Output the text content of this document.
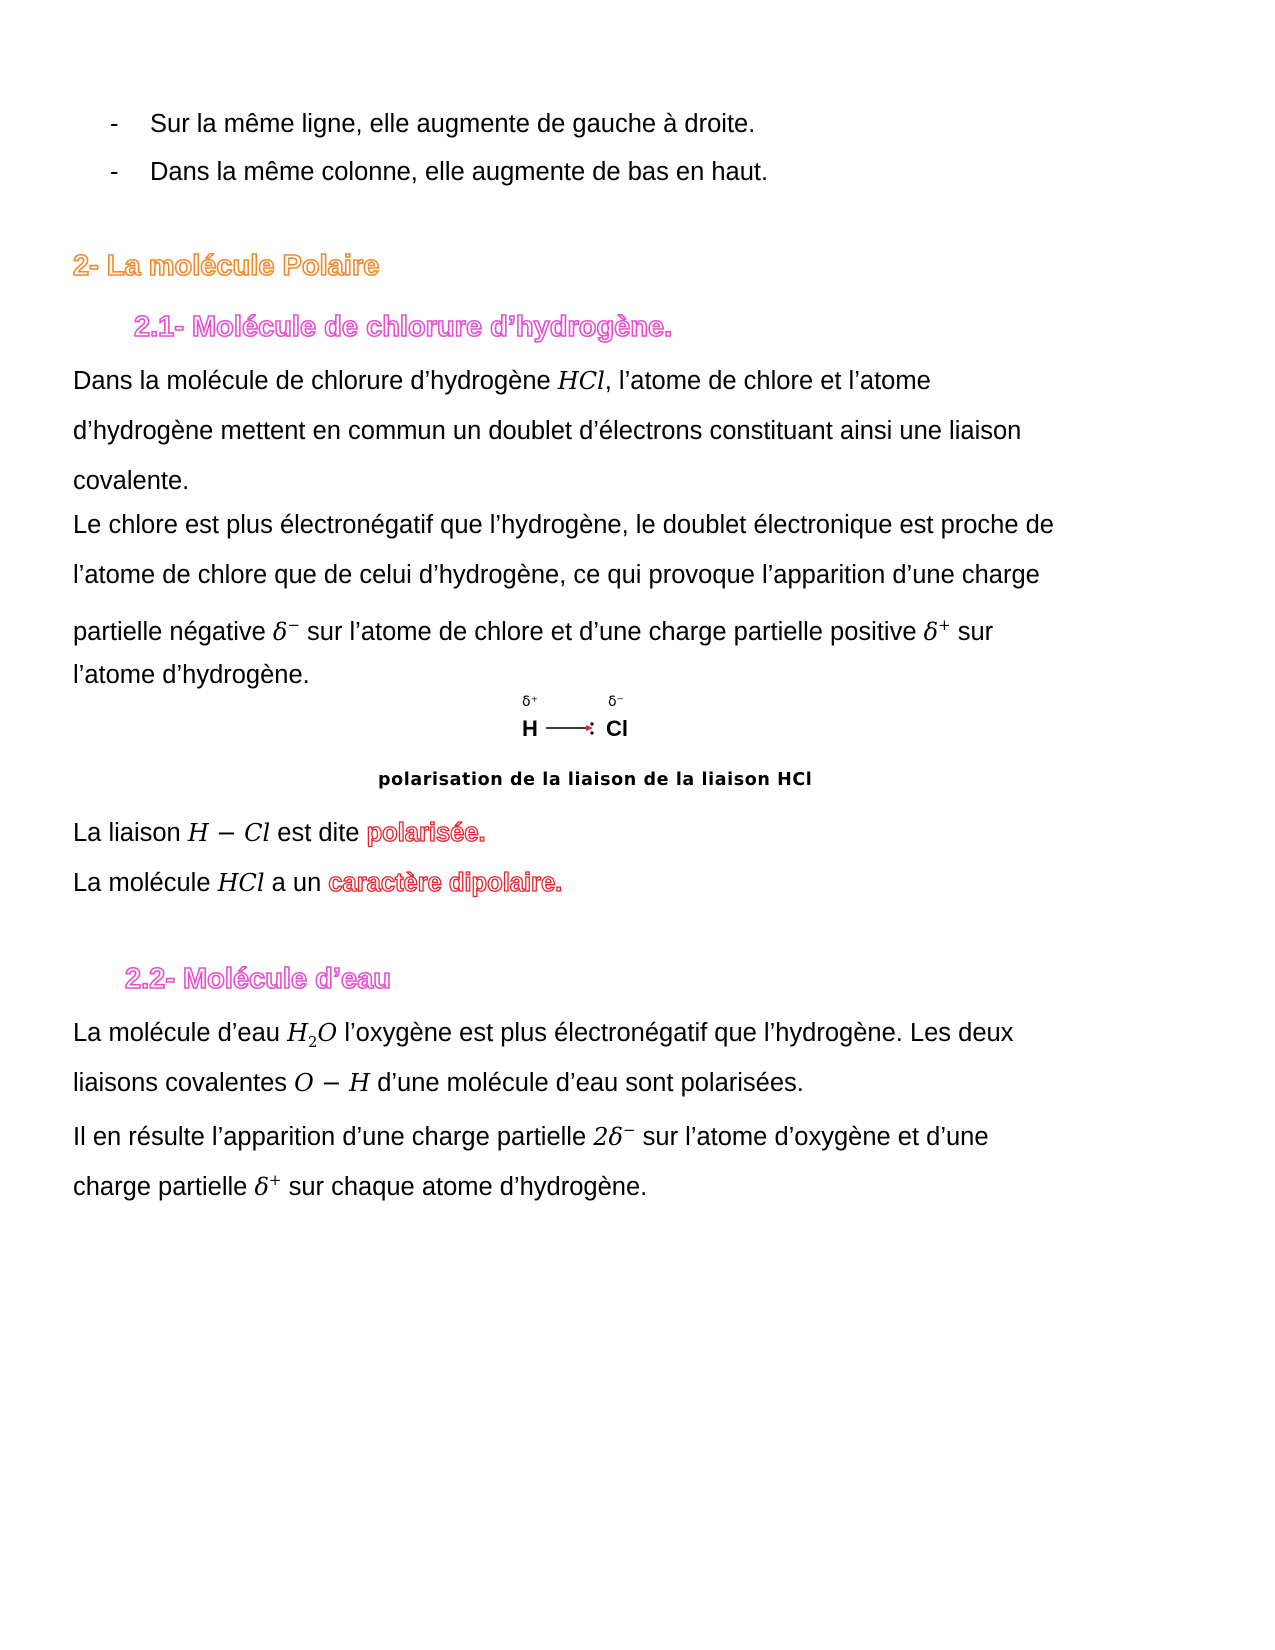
- Sur la même ligne, elle augmente de gauche à droite.
- Dans la même colonne, elle augmente de bas en haut.
2- La molécule Polaire
2.1- Molécule de chlorure d’hydrogène.
Dans la molécule de chlorure d’hydrogène HCl, l’atome de chlore et l’atome
d’hydrogène mettent en commun un doublet d’électrons constituant ainsi une liaison
covalente.
Le chlore est plus électronégatif que l’hydrogène, le doublet électronique est proche de
l’atome de chlore que de celui d’hydrogène, ce qui provoque l’apparition d’une charge
partielle négative δ− sur l’atome de chlore et d’une charge partielle positive δ+ sur
l’atome d’hydrogène.
δ⁺	δ⁻
H	Cl
polarisation de la liaison de la liaison HCl
La liaison H − Cl est dite polarisée.
La molécule HCl a un caractère dipolaire.
2.2- Molécule d’eau
La molécule d’eau $H_2O$ l’oxygène est plus électronégatif que l’hydrogène. Les deux
liaisons covalentes O − H d’une molécule d’eau sont polarisées.
Il en résulte l’apparition d’une charge partielle 2δ− sur l’atome d’oxygène et d’une
charge partielle δ+ sur chaque atome d’hydrogène.
